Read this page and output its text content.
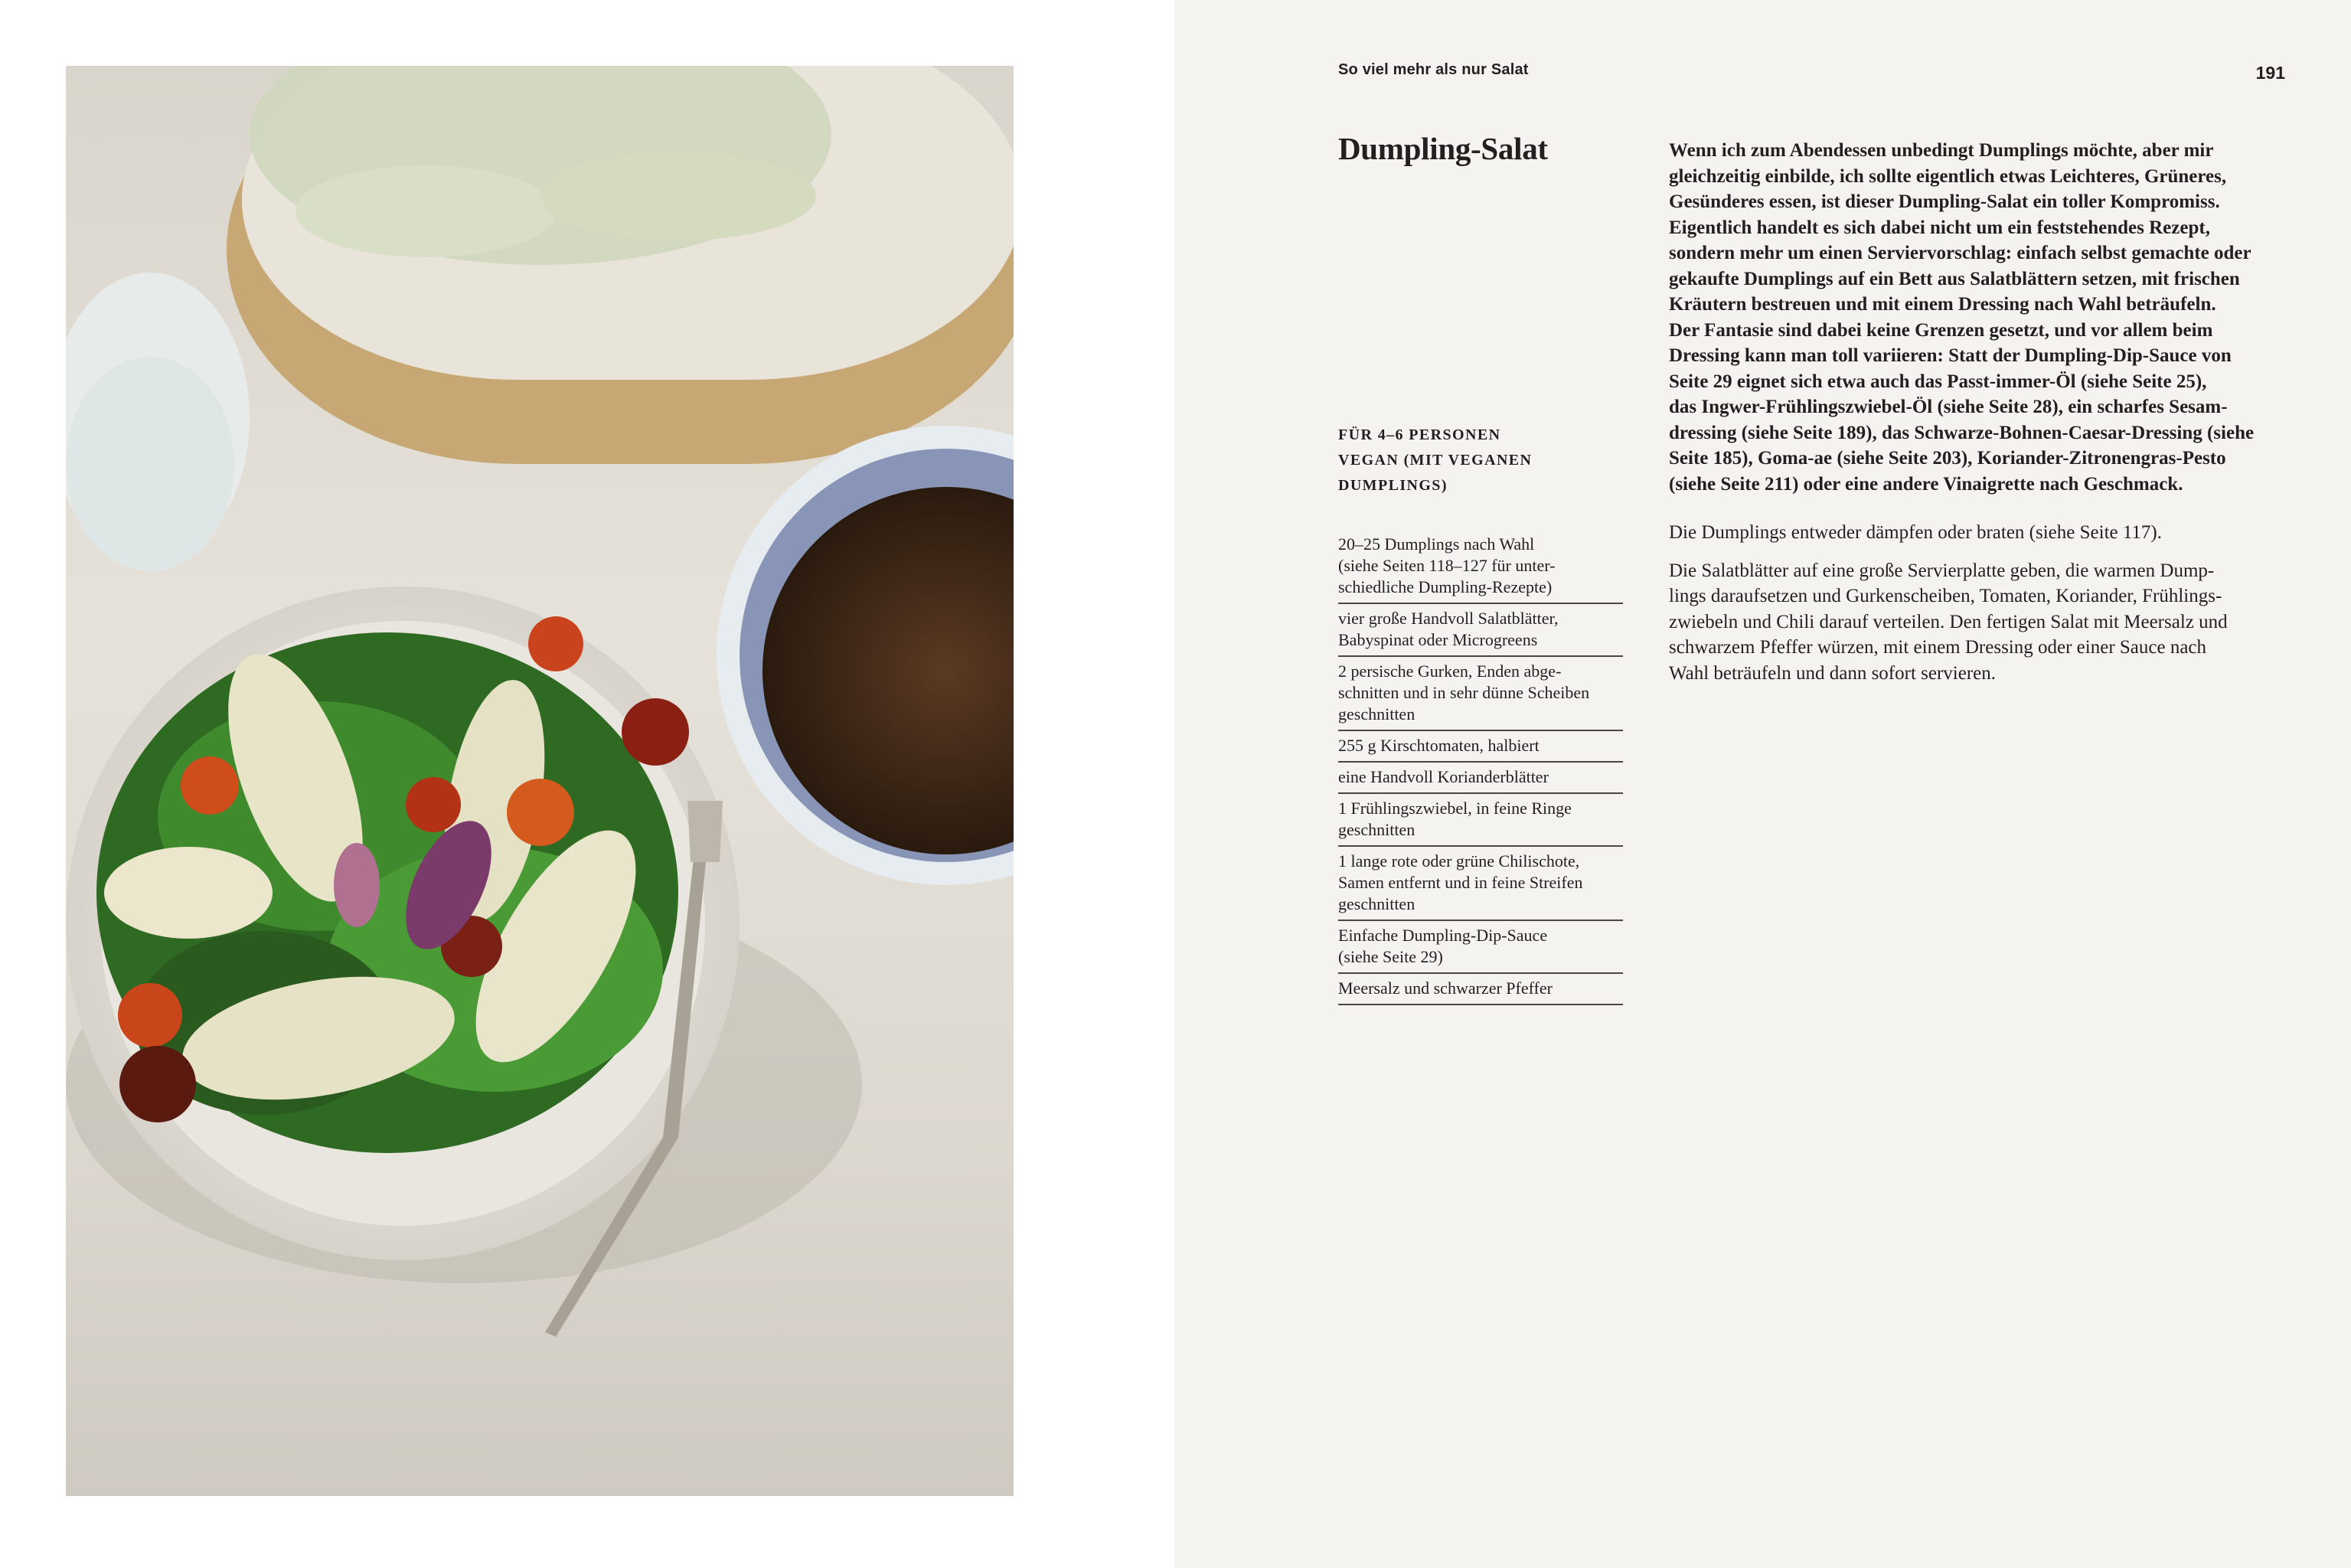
So viel mehr als nur Salat	191
Dumpling-Salat
FÜR 4–6 PERSONEN
VEGAN (MIT VEGANEN
DUMPLINGS)
20–25 Dumplings nach Wahl
(siehe Seiten 118–127 für unter-
schiedliche Dumpling-Rezepte)
vier große Handvoll Salatblätter,
Babyspinat oder Microgreens
2 persische Gurken, Enden abge-
schnitten und in sehr dünne Scheiben
geschnitten
255 g Kirschtomaten, halbiert
eine Handvoll Korianderblätter
1 Frühlingszwiebel, in feine Ringe
geschnitten
1 lange rote oder grüne Chilischote,
Samen entfernt und in feine Streifen
geschnitten
Einfache Dumpling-Dip-Sauce
(siehe Seite 29)
Meersalz und schwarzer Pfeffer

Wenn ich zum Abendessen unbedingt Dumplings möchte, aber mir
gleichzeitig einbilde, ich sollte eigentlich etwas Leichteres, Grüneres,
Gesünderes essen, ist dieser Dumpling-Salat ein toller Kompromiss.
Eigentlich handelt es sich dabei nicht um ein feststehendes Rezept,
sondern mehr um einen Serviervorschlag: einfach selbst gemachte oder
gekaufte Dumplings auf ein Bett aus Salatblättern setzen, mit frischen
Kräutern bestreuen und mit einem Dressing nach Wahl beträufeln.
Der Fantasie sind dabei keine Grenzen gesetzt, und vor allem beim
Dressing kann man toll variieren: Statt der Dumpling-Dip-Sauce von
Seite 29 eignet sich etwa auch das Passt-immer-Öl (siehe Seite 25),
das Ingwer-Frühlingszwiebel-Öl (siehe Seite 28), ein scharfes Sesam-
dressing (siehe Seite 189), das Schwarze-Bohnen-Caesar-Dressing (siehe
Seite 185), Goma-ae (siehe Seite 203), Koriander-Zitronengras-Pesto
(siehe Seite 211) oder eine andere Vinaigrette nach Geschmack.

Die Dumplings entweder dämpfen oder braten (siehe Seite 117).

Die Salatblätter auf eine große Servierplatte geben, die warmen Dump-
lings daraufsetzen und Gurkenscheiben, Tomaten, Koriander, Frühlings-
zwiebeln und Chili darauf verteilen. Den fertigen Salat mit Meersalz und
schwarzem Pfeffer würzen, mit einem Dressing oder einer Sauce nach
Wahl beträufeln und dann sofort servieren.
